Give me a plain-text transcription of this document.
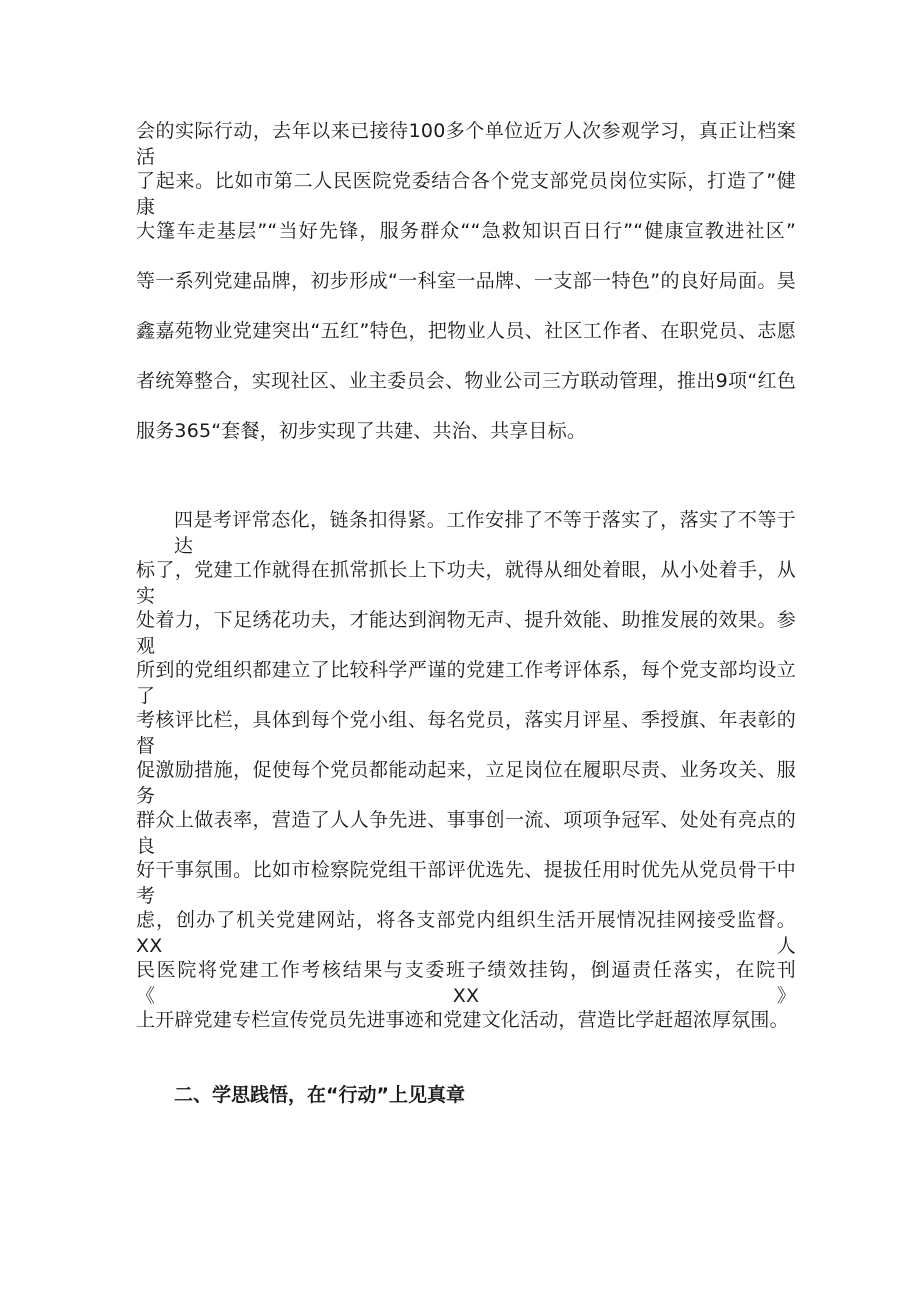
会的实际行动，去年以来已接待100多个单位近万人次参观学习，真正让档案活
了起来。比如市第二人民医院党委结合各个党支部党员岗位实际，打造了”健康
大篷车走基层”“当好先锋，服务群众““急救知识百日行”“健康宣教进社区”
等一系列党建品牌，初步形成“一科室一品牌、一支部一特色”的良好局面。昊
鑫嘉苑物业党建突出“五红”特色，把物业人员、社区工作者、在职党员、志愿
者统筹整合，实现社区、业主委员会、物业公司三方联动管理，推出9项“红色
服务365“套餐，初步实现了共建、共治、共享目标。
四是考评常态化，链条扣得紧。工作安排了不等于落实了，落实了不等于达
标了，党建工作就得在抓常抓长上下功夫，就得从细处着眼，从小处着手，从实
处着力，下足绣花功夫，才能达到润物无声、提升效能、助推发展的效果。参观
所到的党组织都建立了比较科学严谨的党建工作考评体系，每个党支部均设立了
考核评比栏，具体到每个党小组、每名党员，落实月评星、季授旗、年表彰的督
促激励措施，促使每个党员都能动起来，立足岗位在履职尽责、业务攻关、服务
群众上做表率，营造了人人争先进、事事创一流、项项争冠军、处处有亮点的良
好干事氛围。比如市检察院党组干部评优选先、提拔任用时优先从党员骨干中考
虑，创办了机关党建网站，将各支部党内组织生活开展情况挂网接受监督。XX人
民医院将党建工作考核结果与支委班子绩效挂钩，倒逼责任落实，在院刊《XX》
上开辟党建专栏宣传党员先进事迹和党建文化活动，营造比学赶超浓厚氛围。
二、学思践悟，在“行动”上见真章
